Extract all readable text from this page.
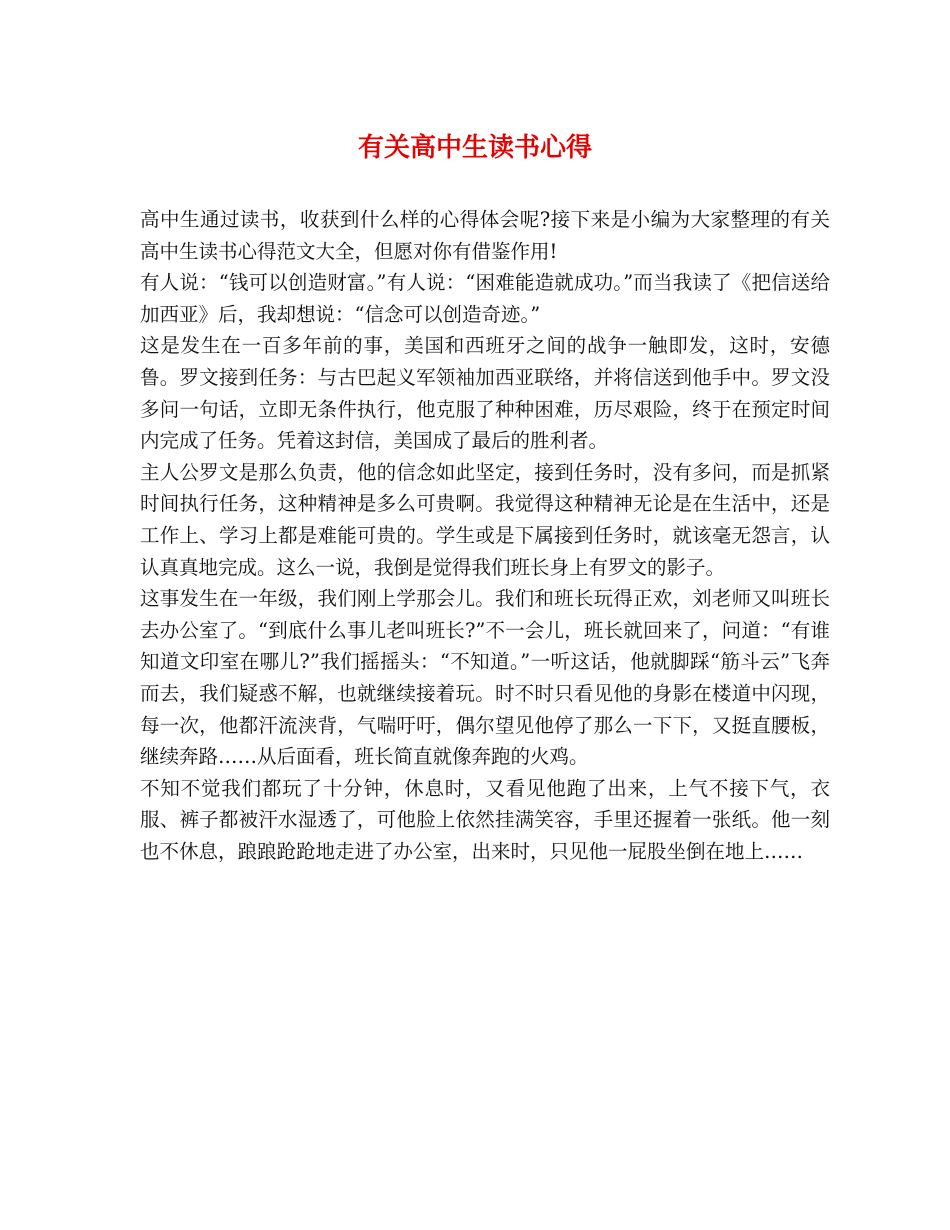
有关高中生读书心得

高中生通过读书，收获到什么样的心得体会呢?接下来是小编为大家整理的有关高中生读书心得范文大全，但愿对你有借鉴作用!

有人说：“钱可以创造财富。”有人说：“困难能造就成功。”而当我读了《把信送给加西亚》后，我却想说：“信念可以创造奇迹。”

这是发生在一百多年前的事，美国和西班牙之间的战争一触即发，这时，安德鲁。罗文接到任务：与古巴起义军领袖加西亚联络，并将信送到他手中。罗文没多问一句话，立即无条件执行，他克服了种种困难，历尽艰险，终于在预定时间内完成了任务。凭着这封信，美国成了最后的胜利者。

主人公罗文是那么负责，他的信念如此坚定，接到任务时，没有多问，而是抓紧时间执行任务，这种精神是多么可贵啊。我觉得这种精神无论是在生活中，还是工作上、学习上都是难能可贵的。学生或是下属接到任务时，就该毫无怨言，认认真真地完成。这么一说，我倒是觉得我们班长身上有罗文的影子。

这事发生在一年级，我们刚上学那会儿。我们和班长玩得正欢，刘老师又叫班长去办公室了。“到底什么事儿老叫班长?”不一会儿，班长就回来了，问道：“有谁知道文印室在哪儿?”我们摇摇头：“不知道。”一听这话，他就脚踩“筋斗云”飞奔而去，我们疑惑不解，也就继续接着玩。时不时只看见他的身影在楼道中闪现，每一次，他都汗流浃背，气喘吁吁，偶尔望见他停了那么一下下，又挺直腰板，继续奔路……从后面看，班长简直就像奔跑的火鸡。

不知不觉我们都玩了十分钟，休息时，又看见他跑了出来，上气不接下气，衣服、裤子都被汗水湿透了，可他脸上依然挂满笑容，手里还握着一张纸。他一刻也不休息，踉踉跄跄地走进了办公室，出来时，只见他一屁股坐倒在地上……
